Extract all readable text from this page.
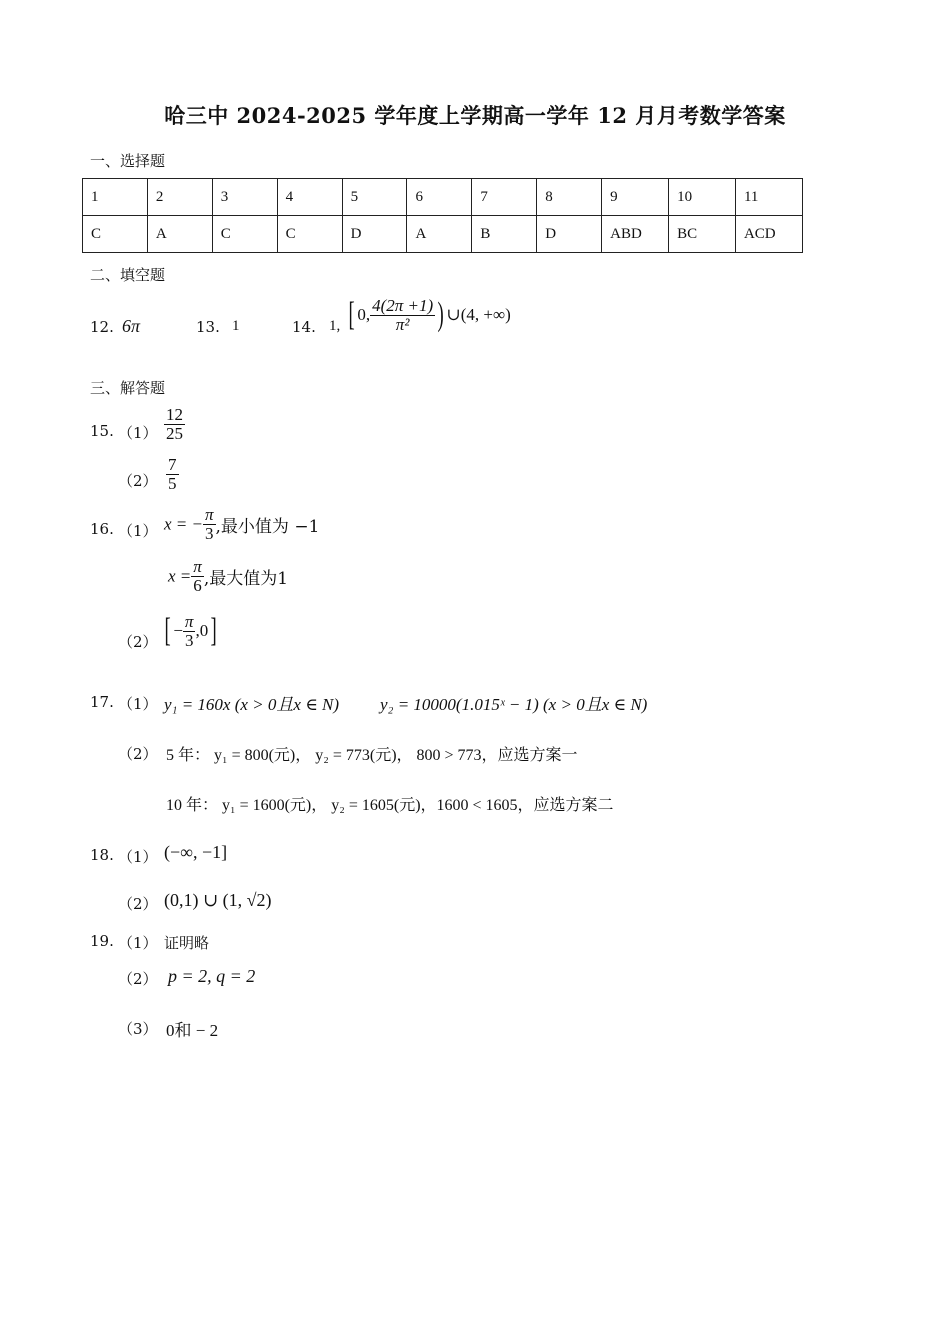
哈三中 2024-2025 学年度上学期高一学年 12 月月考数学答案
一、选择题
1	2	3	4	5	6	7	8	9	10	11
C	A	C	C	D	A	B	D	ABD	BC	ACD
二、填空题
12. 6π	13. 1	14. 1, [ 0, $\frac{4(2\pi +1)}{\text{π²}}$ ) ∪(4, +∞)
三、解答题
15. $(1) \frac{12}{25}$
$(2) \frac{7}{5}$
16. （1） x = − $\frac{\pi}{3}$ ,最小值为 −1
$x = \frac{\pi}{6}$ ,最大值为1
（2） [ − $\frac{\pi}{3} ,0$]
17. （1） y₁ = 160x (x > 0且x ∈ N) y₂ = 10000(1.015ˣ − 1) (x > 0且x ∈ N)
（2） 5 年： y₁ = 800(元)， y₂ = 773(元)， 800 > 773，应选方案一
10 年： y₁ = 1600(元)， y₂ = 1605(元)，1600 < 1605，应选方案二
18. （1） (−∞, −1]
（2） (0,1) ∪ (1, √2)
19. （1） 证明略
（2） p = 2, q = 2
（3） 0和 − 2
